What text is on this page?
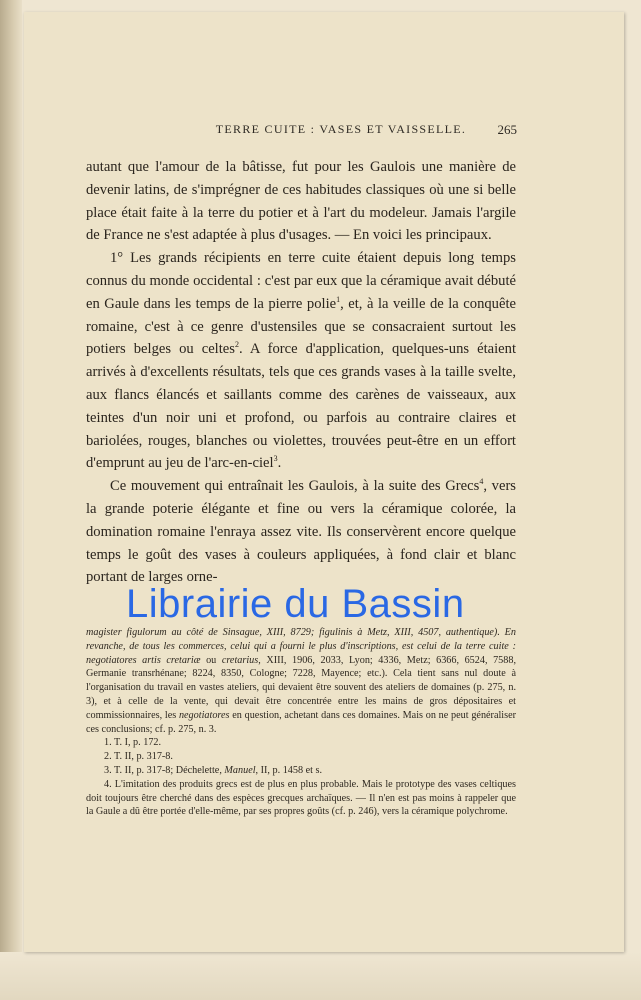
TERRE CUITE : VASES ET VAISSELLE.	265

autant que l'amour de la bâtisse, fut pour les Gaulois une manière de devenir latins, de s'imprégner de ces habitudes classiques où une si belle place était faite à la terre du potier et à l'art du modeleur. Jamais l'argile de France ne s'est adaptée à plus d'usages. — En voici les principaux.

1° Les grands récipients en terre cuite étaient depuis long temps connus du monde occidental : c'est par eux que la céramique avait débuté en Gaule dans les temps de la pierre polie$^1$, et, à la veille de la conquête romaine, c'est à ce genre d'ustensiles que se consacraient surtout les potiers belges ou celtes$^2$. A force d'application, quelques-uns étaient arrivés à d'excellents résultats, tels que ces grands vases à la taille svelte, aux flancs élancés et saillants comme des carènes de vaisseaux, aux teintes d'un noir uni et profond, ou parfois au contraire claires et bariolées, rouges, blanches ou violettes, trouvées peut-être en un effort d'emprunt au jeu de l'arc-en-ciel$^3$.

Ce mouvement qui entraînait les Gaulois, à la suite des Grecs$^4$, vers la grande poterie élégante et fine ou vers la céramique colorée, la domination romaine l'enraya assez vite. Ils conservèrent encore quelque temps le goût des vases à couleurs appliquées, à fond clair et blanc portant de larges orne-

magister figulorum au côté de Sinsague, XIII, 8729; figulinis à Metz, XIII, 4507, authentique). En revanche, de tous les commerces, celui qui a fourni le plus d'inscriptions, est celui de la terre cuite : negotiatores artis cretariæ ou cretarius, XIII, 1906, 2033, Lyon; 4336, Metz; 6366, 6524, 7588, Germanie transrhénane; 8224, 8350, Cologne; 7228, Mayence; etc.). Cela tient sans nul doute à l'organisation du travail en vastes ateliers, qui devaient être souvent des ateliers de domaines (p. 275, n. 3), et à celle de la vente, qui devait être concentrée entre les mains de gros dépositaires et commissionnaires, les negotiatores en question, achetant dans ces domaines. Mais on ne peut généraliser ces conclusions; cf. p. 275, n. 3.

1. T. I, p. 172.

2. T. II, p. 317-8.

3. T. II, p. 317-8; Déchelette, Manuel, II, p. 1458 et s.

4. L'imitation des produits grecs est de plus en plus probable. Mais le prototype des vases celtiques doit toujours être cherché dans des espèces grecques archaïques. — Il n'en est pas moins à rappeler que la Gaule a dû être portée d'elle-même, par ses propres goûts (cf. p. 246), vers la céramique polychrome.

Librairie du Bassin
